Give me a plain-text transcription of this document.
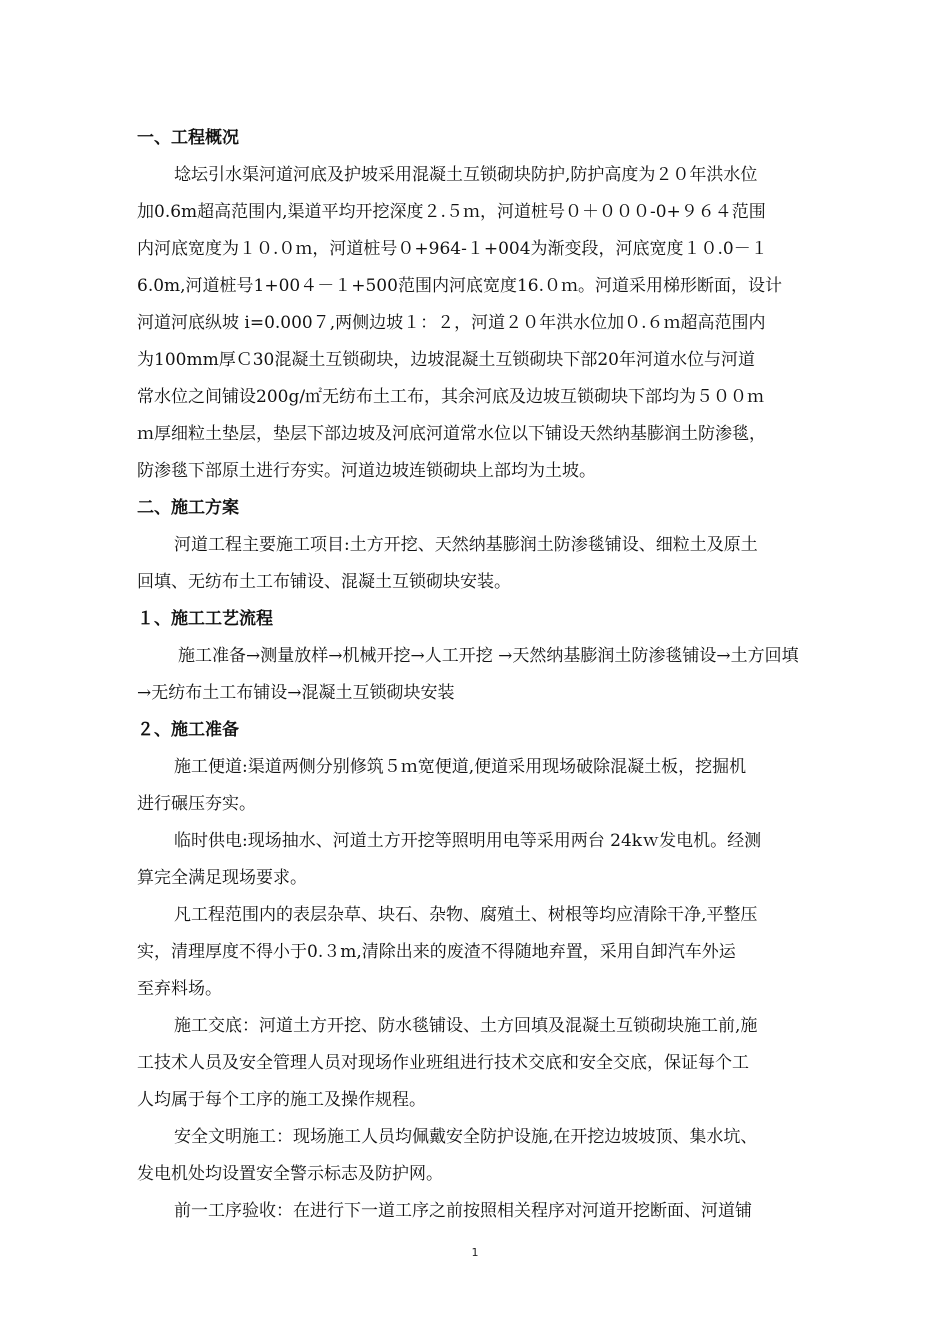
一、工程概况
埝坛引水渠河道河底及护坡采用混凝土互锁砌块防护,防护高度为２０年洪水位
加0.6m超高范围内,渠道平均开挖深度２.５ｍ，河道桩号０＋０００-0+９６４范围
内河底宽度为１０.０ｍ，河道桩号０+964-１+004为渐变段，河底宽度１０.0－１
6.0m,河道桩号1+00４－１+500范围内河底宽度16.０ｍ。河道采用梯形断面，设计
河道河底纵坡 i=0.000７,两侧边坡１：２，河道２０年洪水位加０.６ｍ超高范围内
为100mm厚Ｃ30混凝土互锁砌块，边坡混凝土互锁砌块下部20年河道水位与河道
常水位之间铺设200g/㎡无纺布土工布，其余河底及边坡互锁砌块下部均为５００ｍ
ｍ厚细粒土垫层，垫层下部边坡及河底河道常水位以下铺设天然纳基膨润土防渗毯，
防渗毯下部原土进行夯实。河道边坡连锁砌块上部均为土坡。
二、施工方案
河道工程主要施工项目:土方开挖、天然纳基膨润土防渗毯铺设、细粒土及原土
回填、无纺布土工布铺设、混凝土互锁砌块安装。
１、施工工艺流程
施工准备→测量放样→机械开挖→人工开挖 →天然纳基膨润土防渗毯铺设→土方回填
→无纺布土工布铺设→混凝土互锁砌块安装
２、施工准备
施工便道:渠道两侧分别修筑５ｍ宽便道,便道采用现场破除混凝土板，挖掘机
进行碾压夯实。
临时供电:现场抽水、河道土方开挖等照明用电等采用两台 24kｗ发电机。经测
算完全满足现场要求。
凡工程范围内的表层杂草、块石、杂物、腐殖土、树根等均应清除干净,平整压
实，清理厚度不得小于0.３m,清除出来的废渣不得随地弃置，采用自卸汽车外运
至弃料场。
施工交底：河道土方开挖、防水毯铺设、土方回填及混凝土互锁砌块施工前,施
工技术人员及安全管理人员对现场作业班组进行技术交底和安全交底，保证每个工
人均属于每个工序的施工及操作规程。
安全文明施工：现场施工人员均佩戴安全防护设施,在开挖边坡坡顶、集水坑、
发电机处均设置安全警示标志及防护网。
前一工序验收：在进行下一道工序之前按照相关程序对河道开挖断面、河道铺
1
